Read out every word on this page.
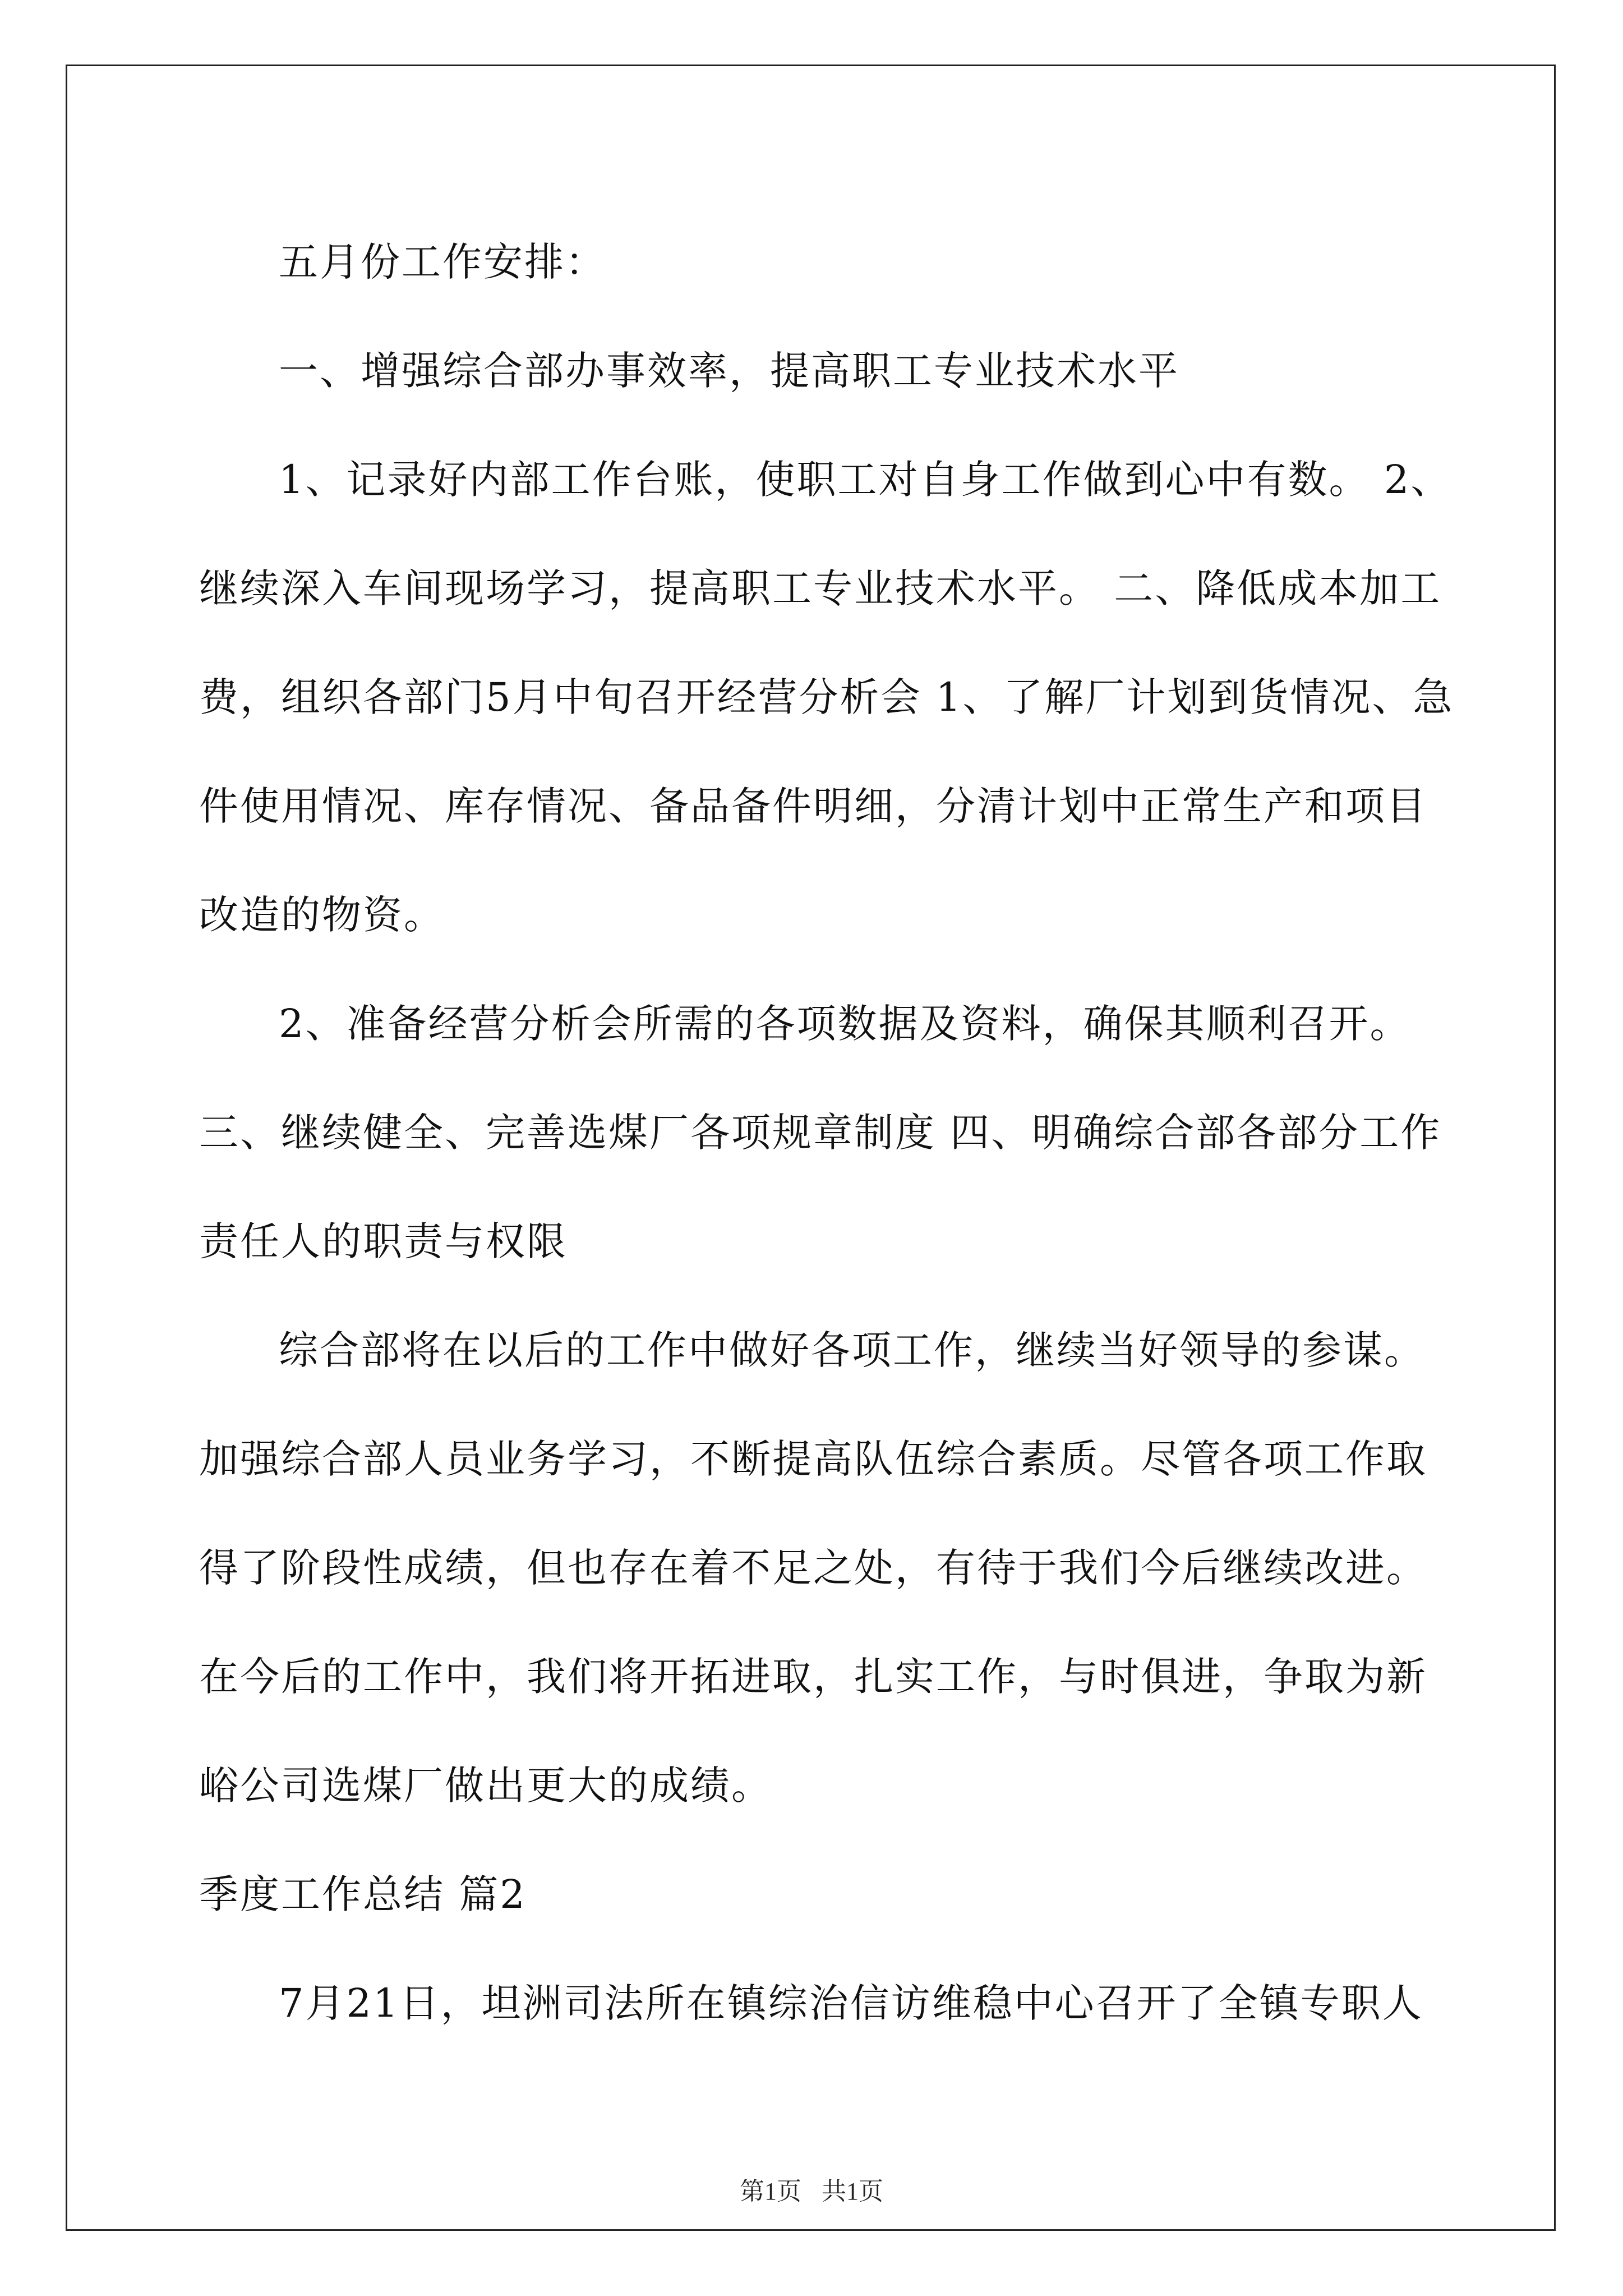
五月份工作安排：

一、增强综合部办事效率，提高职工专业技术水平

1、记录好内部工作台账，使职工对自身工作做到心中有数。 2、继续深入车间现场学习，提高职工专业技术水平。 二、降低成本加工费，组织各部门5月中旬召开经营分析会 1、了解厂计划到货情况、急件使用情况、库存情况、备品备件明细，分清计划中正常生产和项目改造的物资。

2、准备经营分析会所需的各项数据及资料，确保其顺利召开。三、继续健全、完善选煤厂各项规章制度 四、明确综合部各部分工作责任人的职责与权限

综合部将在以后的工作中做好各项工作，继续当好领导的参谋。加强综合部人员业务学习，不断提高队伍综合素质。尽管各项工作取得了阶段性成绩，但也存在着不足之处，有待于我们今后继续改进。在今后的工作中，我们将开拓进取，扎实工作，与时俱进，争取为新峪公司选煤厂做出更大的成绩。

季度工作总结 篇2

7月21日，坦洲司法所在镇综治信访维稳中心召开了全镇专职人

第1页 共1页
